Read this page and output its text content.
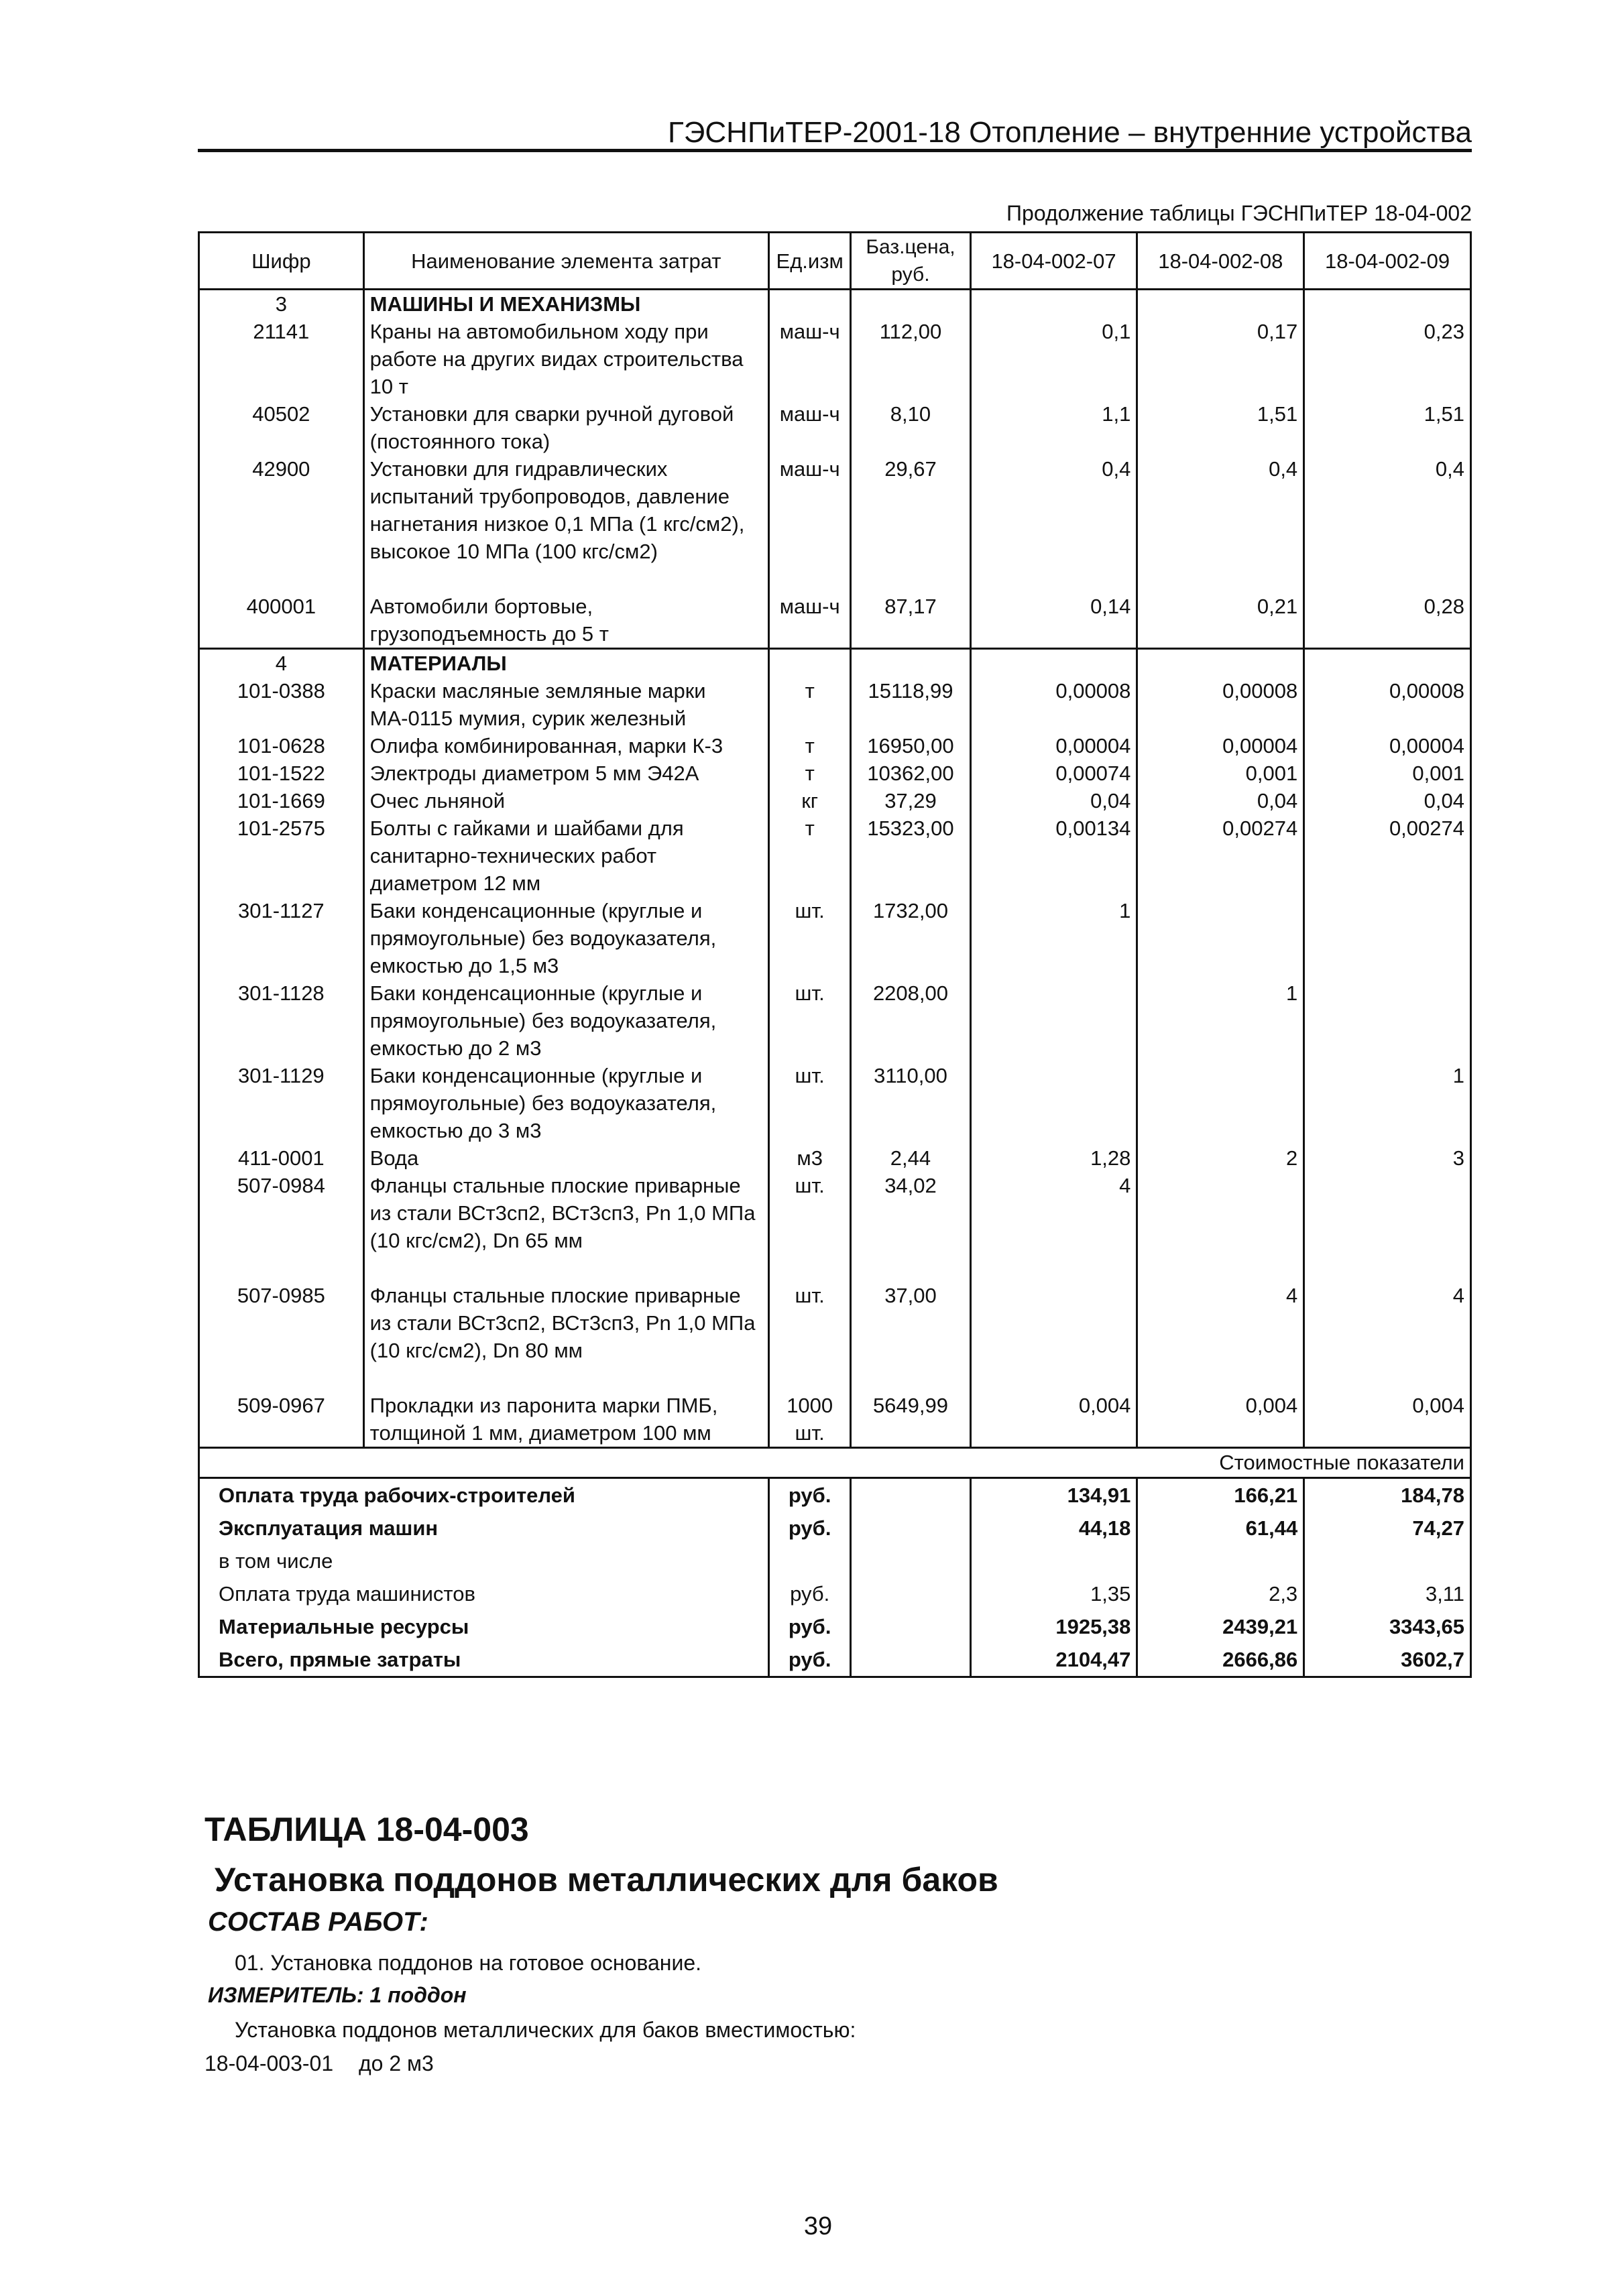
ГЭСНПиТЕР-2001-18 Отопление – внутренние устройства
Продолжение таблицы ГЭСНПиТЕР 18-04-002
Шифр	Наименование элемента затрат	Ед.изм	Баз.цена, руб.	18-04-002-07	18-04-002-08	18-04-002-09
3	МАШИНЫ И МЕХАНИЗМЫ					
21141	Краны на автомобильном ходу при работе на других видах строительства 10 т	маш-ч	112,00	0,1	0,17	0,23
40502	Установки для сварки ручной дуговой (постоянного тока)	маш-ч	8,10	1,1	1,51	1,51
42900	Установки для гидравлических испытаний трубопроводов, давление нагнетания низкое 0,1 МПа (1 кгс/см2), высокое 10 МПа (100 кгс/см2)	маш-ч	29,67	0,4	0,4	0,4
400001	Автомобили бортовые, грузоподъемность до 5 т	маш-ч	87,17	0,14	0,21	0,28
4	МАТЕРИАЛЫ					
101-0388	Краски масляные земляные марки МА-0115 мумия, сурик железный	т	15118,99	0,00008	0,00008	0,00008
101-0628	Олифа комбинированная, марки К-3	т	16950,00	0,00004	0,00004	0,00004
101-1522	Электроды диаметром 5 мм Э42А	т	10362,00	0,00074	0,001	0,001
101-1669	Очес льняной	кг	37,29	0,04	0,04	0,04
101-2575	Болты с гайками и шайбами для санитарно-технических работ диаметром 12 мм	т	15323,00	0,00134	0,00274	0,00274
301-1127	Баки конденсационные (круглые и прямоугольные) без водоуказателя, емкостью до 1,5 м3	шт.	1732,00	1		
301-1128	Баки конденсационные (круглые и прямоугольные) без водоуказателя, емкостью до 2 м3	шт.	2208,00		1	
301-1129	Баки конденсационные (круглые и прямоугольные) без водоуказателя, емкостью до 3 м3	шт.	3110,00			1
411-0001	Вода	м3	2,44	1,28	2	3
507-0984	Фланцы стальные плоские приварные из стали ВСт3сп2, ВСт3сп3, Рn 1,0 МПа (10 кгс/см2), Dn 65 мм	шт.	34,02	4		
507-0985	Фланцы стальные плоские приварные из стали ВСт3сп2, ВСт3сп3, Рn 1,0 МПа (10 кгс/см2), Dn 80 мм	шт.	37,00		4	4
509-0967	Прокладки из паронита марки ПМБ, толщиной 1 мм, диаметром 100 мм	1000 шт.	5649,99	0,004	0,004	0,004
Стоимостные показатели						
Оплата труда рабочих-строителей		руб.		134,91	166,21	184,78
Эксплуатация машин		руб.		44,18	61,44	74,27
в том числе						
Оплата труда машинистов		руб.		1,35	2,3	3,11
Материальные ресурсы		руб.		1925,38	2439,21	3343,65
Всего, прямые затраты		руб.		2104,47	2666,86	3602,7
ТАБЛИЦА 18-04-003
Установка поддонов металлических для баков
СОСТАВ РАБОТ:
01. Установка поддонов на готовое основание.
ИЗМЕРИТЕЛЬ: 1 поддон
Установка поддонов металлических для баков вместимостью:
18-04-003-01 до 2 м3
39
